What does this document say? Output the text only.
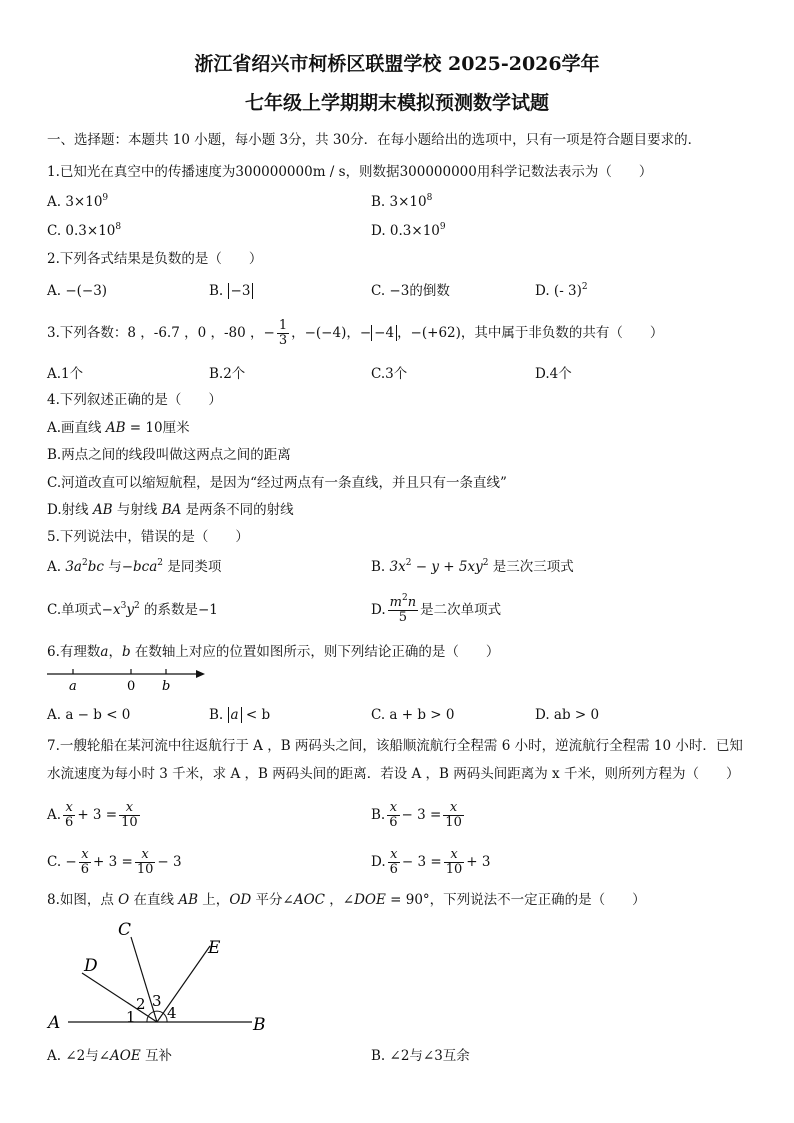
浙江省绍兴市柯桥区联盟学校 2025-2026学年
七年级上学期期末模拟预测数学试题
一、选择题：本题共 10 小题，每小题 3分，共 30分．在每小题给出的选项中，只有一项是符合题目要求的．
1.已知光在真空中的传播速度为300000000m / s，则数据300000000用科学记数法表示为（　　）
A. $3\times 10^9$	B. $3\times 10^8$
C. $0.3\times 10^8$	D. $0.3\times 10^9$
2.下列各式结果是负数的是（　　）
A. −(−3)	B. −3	C. −3的倒数	D. (- 3)$^2$
3.下列各数：8 ，-6.7 ，0 ，-80 ，− $\frac{1}{3}$ ，−(−4)，− −4 ，−(+62)，其中属于非负数的共有（　　）
A.1个	B.2个	C.3个	D.4个
4.下列叙述正确的是（　　）
A.画直线 AB = 10厘米
B.两点之间的线段叫做这两点之间的距离
C.河道改直可以缩短航程，是因为“经过两点有一条直线，并且只有一条直线”
D.射线 AB 与射线 BA 是两条不同的射线
5.下列说法中，错误的是（　　）
A. $3a^2bc$ 与−bca$^2$ 是同类项	B. $3x^2 - y + 5xy^2$ 是三次三项式
C.单项式$-x^3y^2$ 的系数是−1	D. $\frac{m^2n}{5}$ 是二次单项式
6.有理数a，b 在数轴上对应的位置如图所示，则下列结论正确的是（　　）
a	0 b
A. a − b < 0	B. a < b	C. a + b > 0	D. ab > 0
7.一艘轮船在某河流中往返航行于 A ，B 两码头之间，该船顺流航行全程需 6 小时，逆流航行全程需 10 小时．已知
水流速度为每小时 3 千米，求 A ，B 两码头间的距离．若设 A ，B 两码头间距离为 x 千米，则所列方程为（　　）
A. $\frac{x}{6} + 3 = \frac{x}{10}$	B. $\frac{x}{6} - 3 = \frac{x}{10}$
C. − $\frac{x}{6} + 3 = \frac{x}{10} - 3$	D. $\frac{x}{6} - 3 = \frac{x}{10} + 3$
8.如图，点 O 在直线 AB 上，OD 平分∠AOC ，∠DOE = 90°，下列说法不一定正确的是（　　）
A	B
C
D
E
1
2 3
4
A. ∠2与∠AOE 互补	B. ∠2与∠3互余
